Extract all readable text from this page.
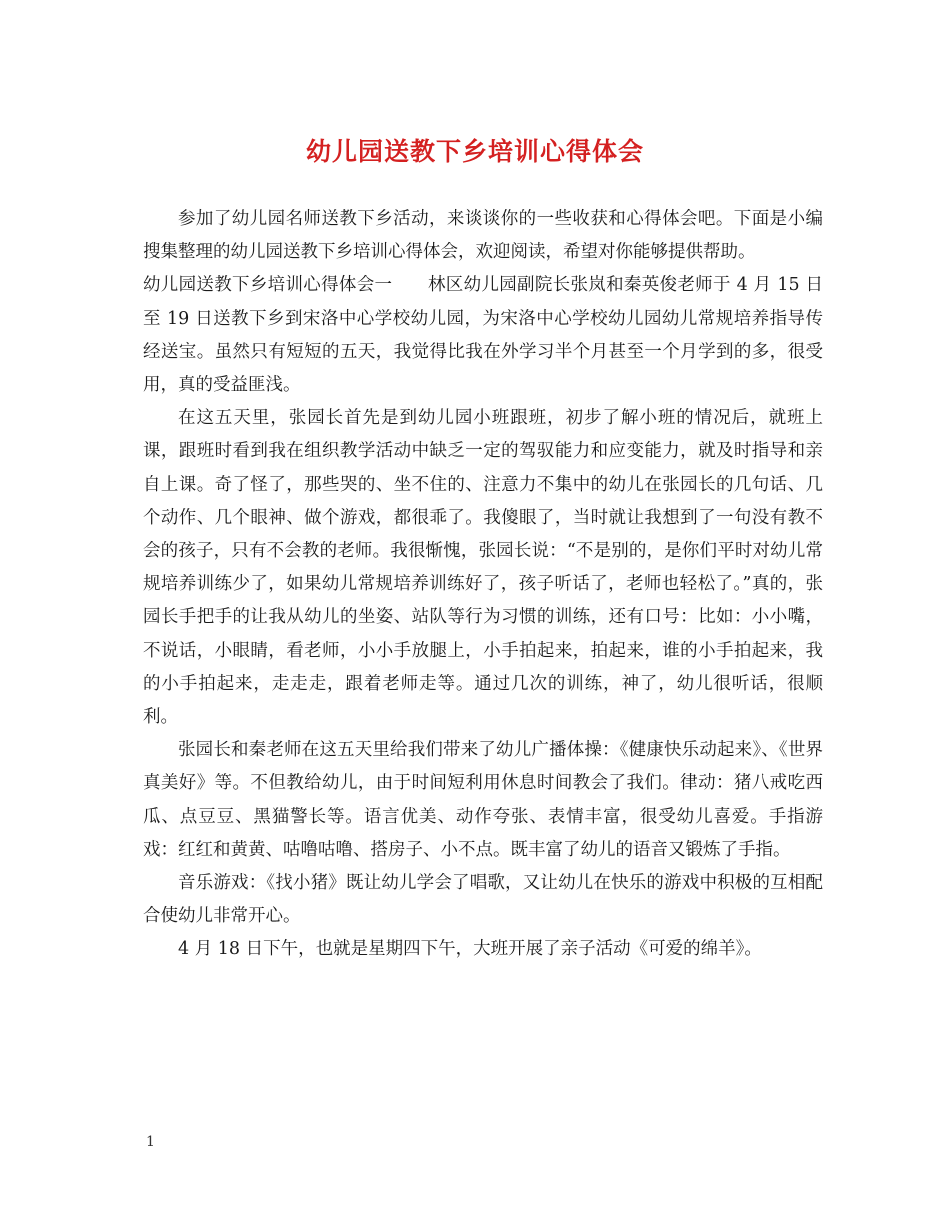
幼儿园送教下乡培训心得体会

参加了幼儿园名师送教下乡活动，来谈谈你的一些收获和心得体会吧。下面是小编搜集整理的幼儿园送教下乡培训心得体会，欢迎阅读，希望对你能够提供帮助。

幼儿园送教下乡培训心得体会一　　林区幼儿园副院长张岚和秦英俊老师于 4 月 15 日至 19 日送教下乡到宋洛中心学校幼儿园，为宋洛中心学校幼儿园幼儿常规培养指导传经送宝。虽然只有短短的五天，我觉得比我在外学习半个月甚至一个月学到的多，很受用，真的受益匪浅。

在这五天里，张园长首先是到幼儿园小班跟班，初步了解小班的情况后，就班上课，跟班时看到我在组织教学活动中缺乏一定的驾驭能力和应变能力，就及时指导和亲自上课。奇了怪了，那些哭的、坐不住的、注意力不集中的幼儿在张园长的几句话、几个动作、几个眼神、做个游戏，都很乖了。我傻眼了，当时就让我想到了一句没有教不会的孩子，只有不会教的老师。我很惭愧，张园长说：“不是别的，是你们平时对幼儿常规培养训练少了，如果幼儿常规培养训练好了，孩子听话了，老师也轻松了。”真的，张园长手把手的让我从幼儿的坐姿、站队等行为习惯的训练，还有口号：比如：小小嘴，不说话，小眼睛，看老师，小小手放腿上，小手拍起来，拍起来，谁的小手拍起来，我的小手拍起来，走走走，跟着老师走等。通过几次的训练，神了，幼儿很听话，很顺利。

张园长和秦老师在这五天里给我们带来了幼儿广播体操：《健康快乐动起来》、《世界真美好》等。不但教给幼儿，由于时间短利用休息时间教会了我们。律动：猪八戒吃西瓜、点豆豆、黑猫警长等。语言优美、动作夸张、表情丰富，很受幼儿喜爱。手指游戏：红红和黄黄、咕噜咕噜、搭房子、小不点。既丰富了幼儿的语音又锻炼了手指。

音乐游戏：《找小猪》既让幼儿学会了唱歌，又让幼儿在快乐的游戏中积极的互相配合使幼儿非常开心。

4 月 18 日下午，也就是星期四下午，大班开展了亲子活动《可爱的绵羊》。

1
